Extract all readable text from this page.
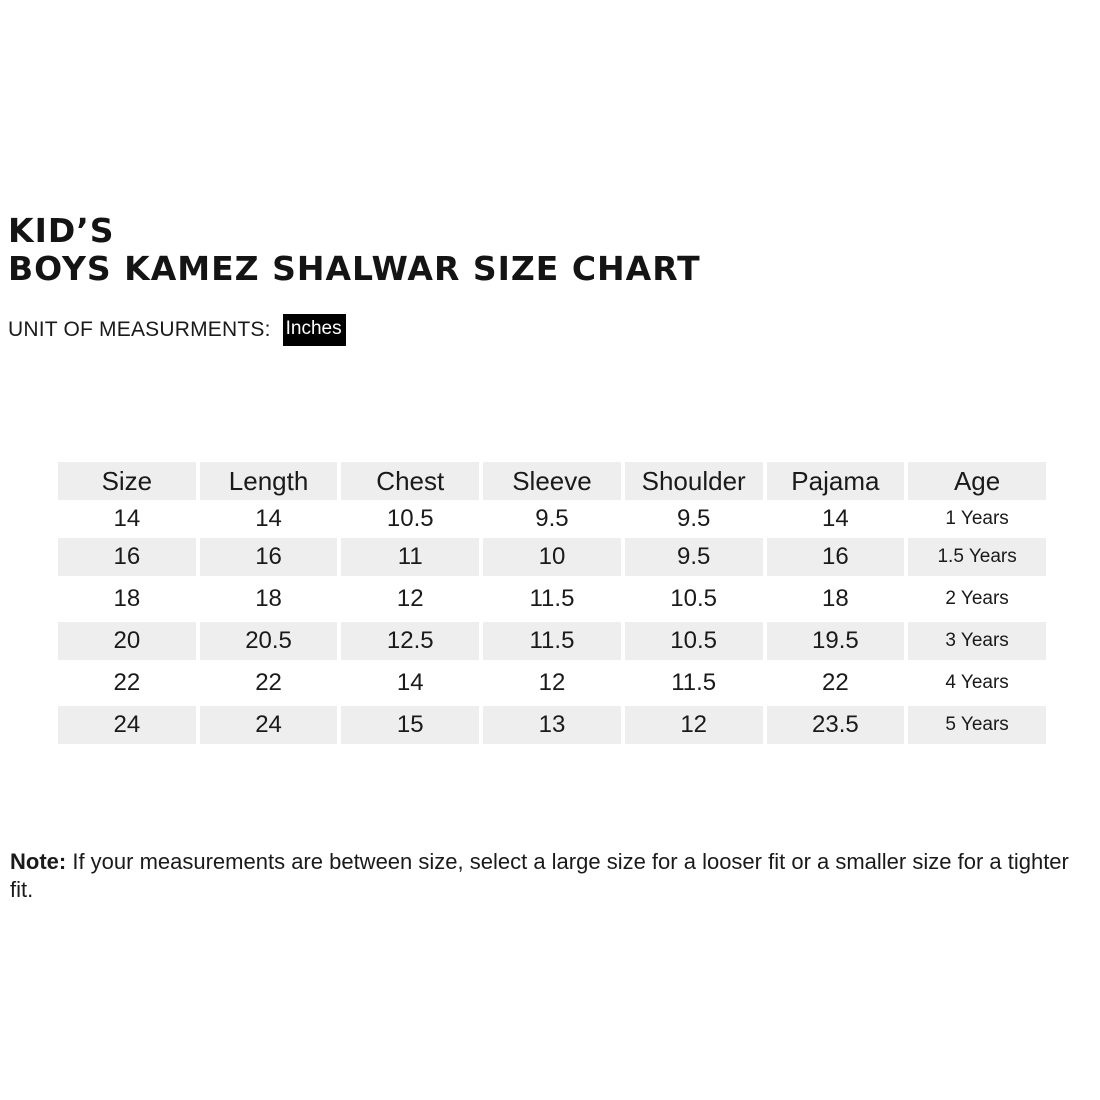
KID’S
BOYS KAMEZ SHALWAR SIZE CHART
UNIT OF MEASURMENTS: Inches
Size	Length	Chest	Sleeve	Shoulder	Pajama	Age
14	14	10.5	9.5	9.5	14	1 Years
16	16	11	10	9.5	16	1.5 Years
18	18	12	11.5	10.5	18	2 Years
20	20.5	12.5	11.5	10.5	19.5	3 Years
22	22	14	12	11.5	22	4 Years
24	24	15	13	12	23.5	5 Years

Note: If your measurements are between size, select a large size for a looser fit or a smaller size for a tighter fit.
